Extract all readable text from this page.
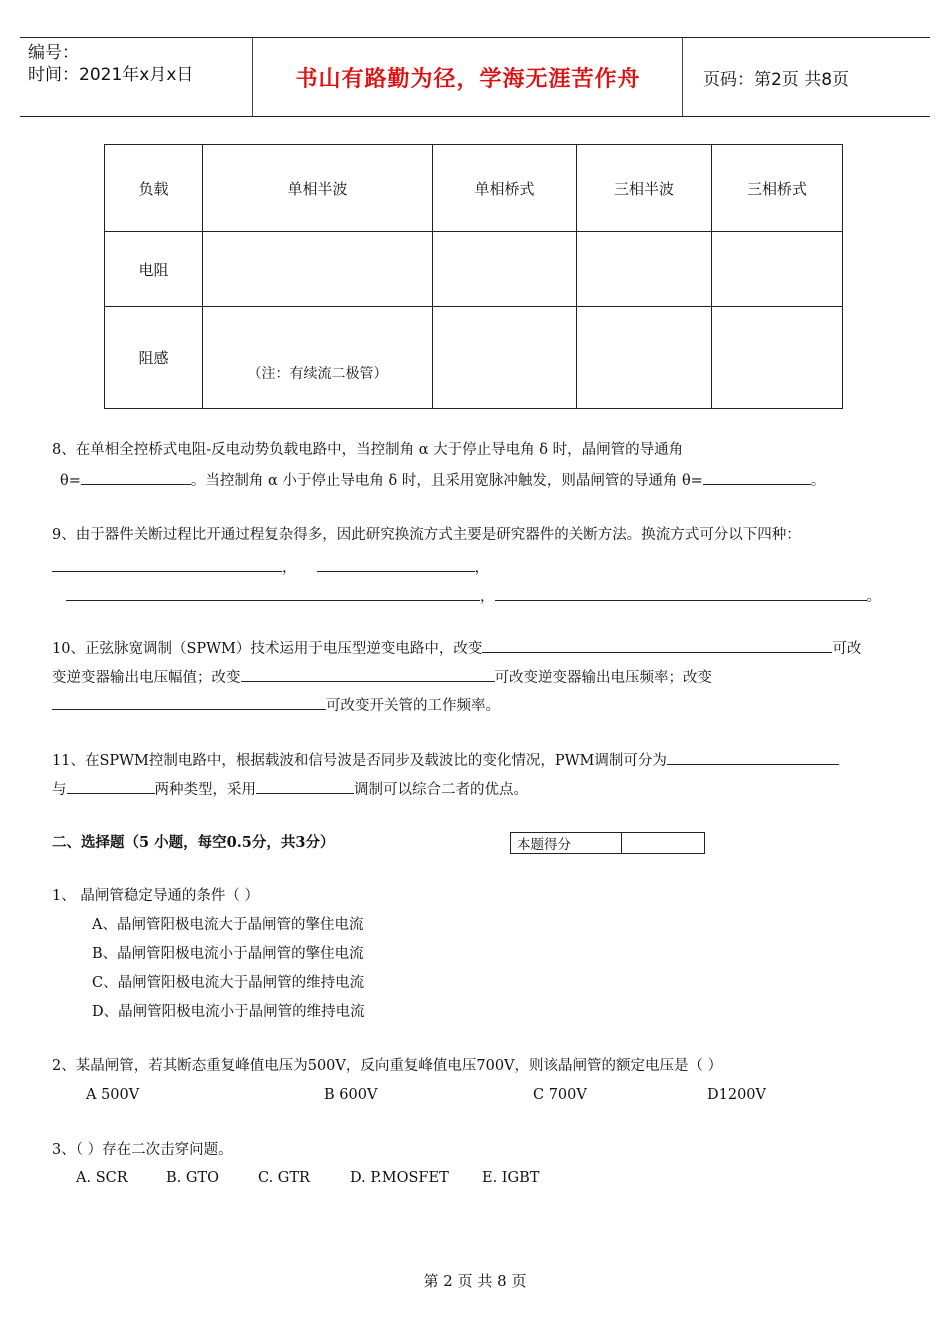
编号：
时间：2021年x月x日	书山有路勤为径，学海无涯苦作舟	页码：第2页 共8页
负载	单相半波	单相桥式	三相半波	三相桥式
电阻				
阻感	（注：有续流二极管）			

8、在单相全控桥式电阻-反电动势负载电路中，当控制角 α 大于停止导电角 δ 时，晶闸管的导通角
θ=	。当控制角 α 小于停止导电角 δ 时，且采用宽脉冲触发，则晶闸管的导通角 θ=	。
9、由于器件关断过程比开通过程复杂得多，因此研究换流方式主要是研究器件的关断方法。换流方式可分以下四种：
，	，
，	。
10、正弦脉宽调制（SPWM）技术运用于电压型逆变电路中，改变	可改
变逆变器输出电压幅值；改变	可改变逆变器输出电压频率；改变
可改变开关管的工作频率。
11、在SPWM控制电路中，根据载波和信号波是否同步及载波比的变化情况，PWM调制可分为
与	两种类型，采用	调制可以综合二者的优点。
二、选择题（5 小题，每空0.5分，共3分）	本题得分	
1、 晶闸管稳定导通的条件（ ）
A、晶闸管阳极电流大于晶闸管的擎住电流
B、晶闸管阳极电流小于晶闸管的擎住电流
C、晶闸管阳极电流大于晶闸管的维持电流
D、晶闸管阳极电流小于晶闸管的维持电流
2、某晶闸管，若其断态重复峰值电压为500V，反向重复峰值电压700V，则该晶闸管的额定电压是（ ）
A 500V	B 600V	C 700V	D1200V
3、（ ）存在二次击穿问题。
A. SCR	B. GTO	C. GTR	D. P.MOSFET E. IGBT
第 2 页 共 8 页
